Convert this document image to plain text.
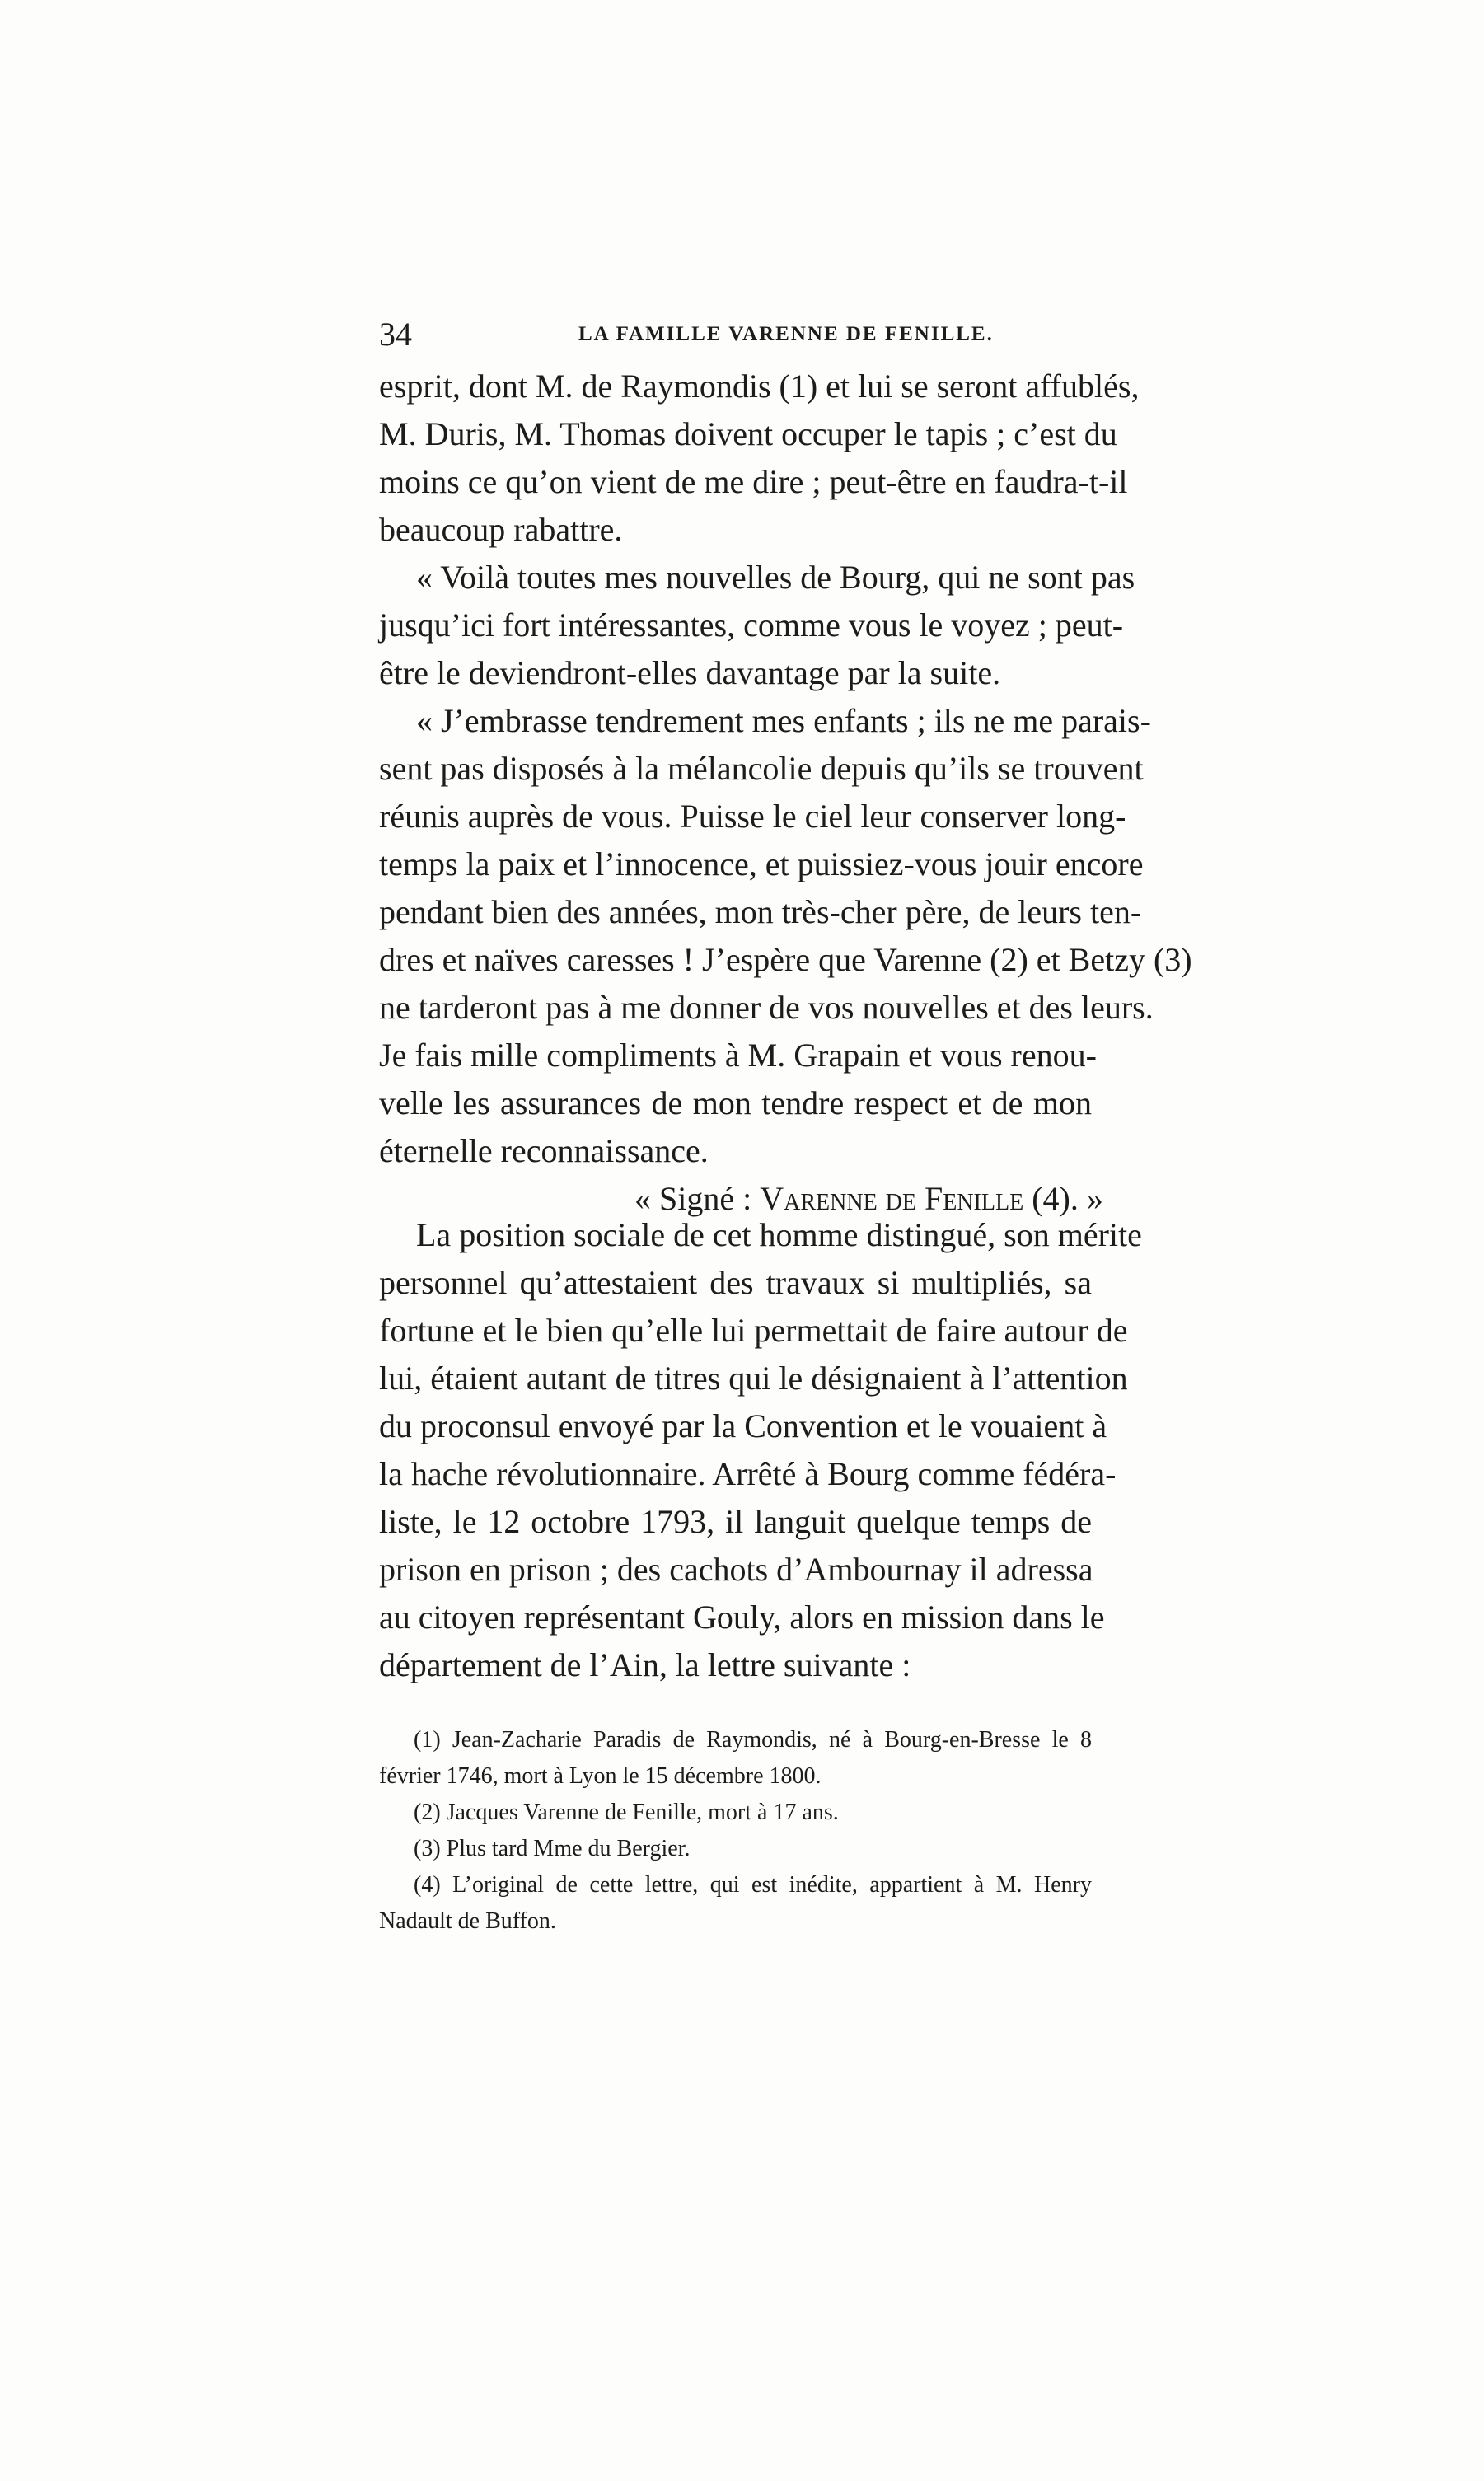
34	LA FAMILLE VARENNE DE FENILLE.
esprit, dont M. de Raymondis (1) et lui se seront affublés,
M. Duris, M. Thomas doivent occuper le tapis ; c’est du
moins ce qu’on vient de me dire ; peut-être en faudra-t-il
beaucoup rabattre.
« Voilà toutes mes nouvelles de Bourg, qui ne sont pas
jusqu’ici fort intéressantes, comme vous le voyez ; peut-
être le deviendront-elles davantage par la suite.
« J’embrasse tendrement mes enfants ; ils ne me parais-
sent pas disposés à la mélancolie depuis qu’ils se trouvent
réunis auprès de vous. Puisse le ciel leur conserver long-
temps la paix et l’innocence, et puissiez-vous jouir encore
pendant bien des années, mon très-cher père, de leurs ten-
dres et naïves caresses ! J’espère que Varenne (2) et Betzy (3)
ne tarderont pas à me donner de vos nouvelles et des leurs.
Je fais mille compliments à M. Grapain et vous renou-
velle les assurances de mon tendre respect et de mon
éternelle reconnaissance.
« Signé : Varenne de Fenille (4). »
La position sociale de cet homme distingué, son mérite
personnel qu’attestaient des travaux si multipliés, sa
fortune et le bien qu’elle lui permettait de faire autour de
lui, étaient autant de titres qui le désignaient à l’attention
du proconsul envoyé par la Convention et le vouaient à
la hache révolutionnaire. Arrêté à Bourg comme fédéra-
liste, le 12 octobre 1793, il languit quelque temps de
prison en prison ; des cachots d’Ambournay il adressa
au citoyen représentant Gouly, alors en mission dans le
département de l’Ain, la lettre suivante :
(1) Jean-Zacharie Paradis de Raymondis, né à Bourg-en-Bresse le 8
février 1746, mort à Lyon le 15 décembre 1800.
(2) Jacques Varenne de Fenille, mort à 17 ans.
(3) Plus tard Mme du Bergier.
(4) L’original de cette lettre, qui est inédite, appartient à M. Henry
Nadault de Buffon.
